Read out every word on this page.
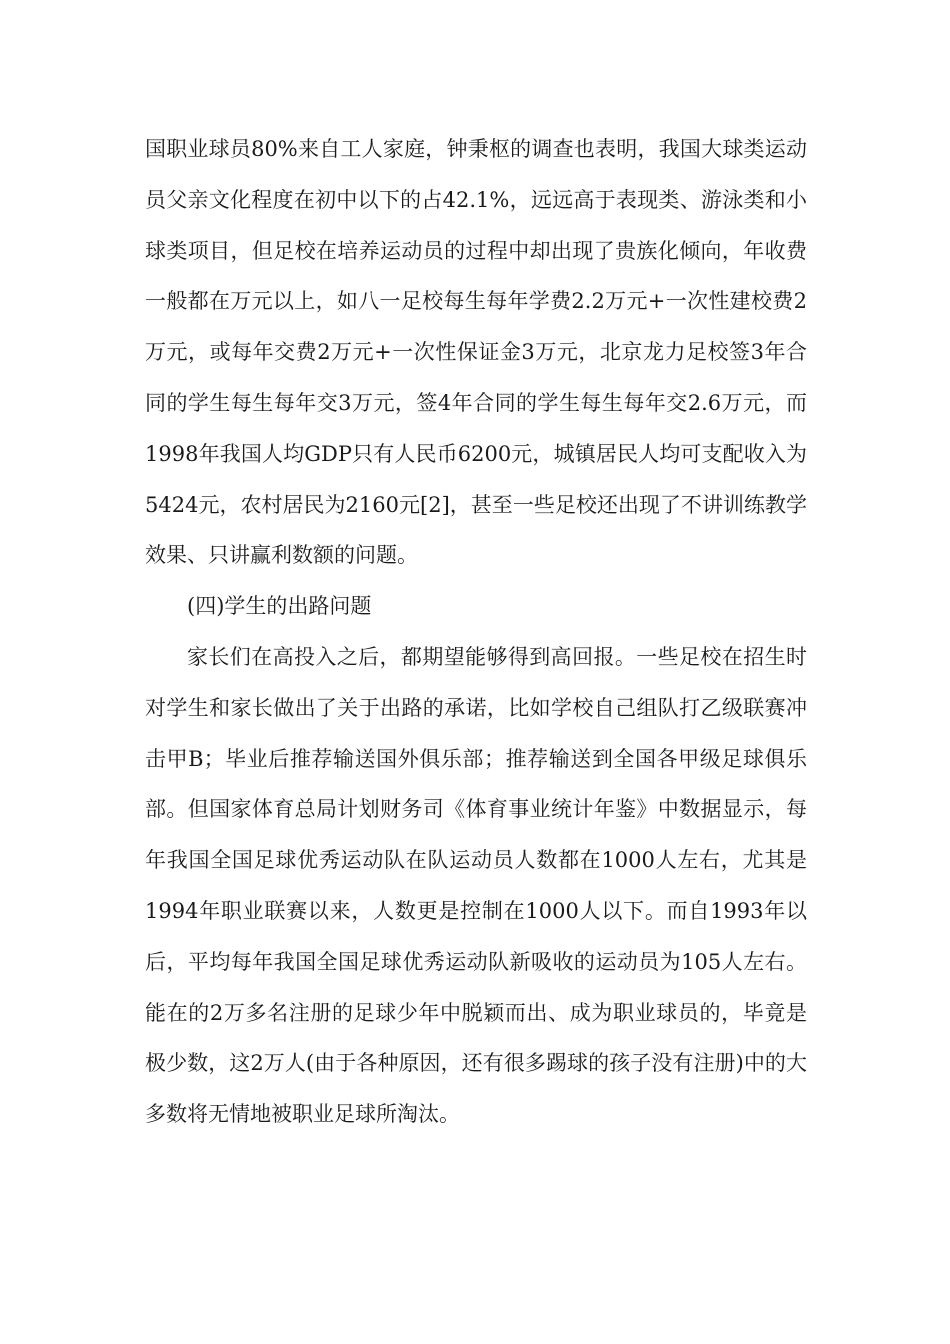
国职业球员80%来自工人家庭，钟秉枢的调查也表明，我国大球类运动员父亲文化程度在初中以下的占42.1%，远远高于表现类、游泳类和小球类项目，但足校在培养运动员的过程中却出现了贵族化倾向，年收费一般都在万元以上，如八一足校每生每年学费2.2万元+一次性建校费2万元，或每年交费2万元+一次性保证金3万元，北京龙力足校签3年合同的学生每生每年交3万元，签4年合同的学生每生每年交2.6万元，而1998年我国人均GDP只有人民币6200元，城镇居民人均可支配收入为5424元，农村居民为2160元[2]，甚至一些足校还出现了不讲训练教学效果、只讲赢利数额的问题。

(四)学生的出路问题

家长们在高投入之后，都期望能够得到高回报。一些足校在招生时对学生和家长做出了关于出路的承诺，比如学校自己组队打乙级联赛冲击甲B；毕业后推荐输送国外俱乐部；推荐输送到全国各甲级足球俱乐部。但国家体育总局计划财务司《体育事业统计年鉴》中数据显示，每年我国全国足球优秀运动队在队运动员人数都在1000人左右，尤其是1994年职业联赛以来，人数更是控制在1000人以下。而自1993年以后，平均每年我国全国足球优秀运动队新吸收的运动员为105人左右。能在的2万多名注册的足球少年中脱颖而出、成为职业球员的，毕竟是极少数，这2万人(由于各种原因，还有很多踢球的孩子没有注册)中的大多数将无情地被职业足球所淘汰。
